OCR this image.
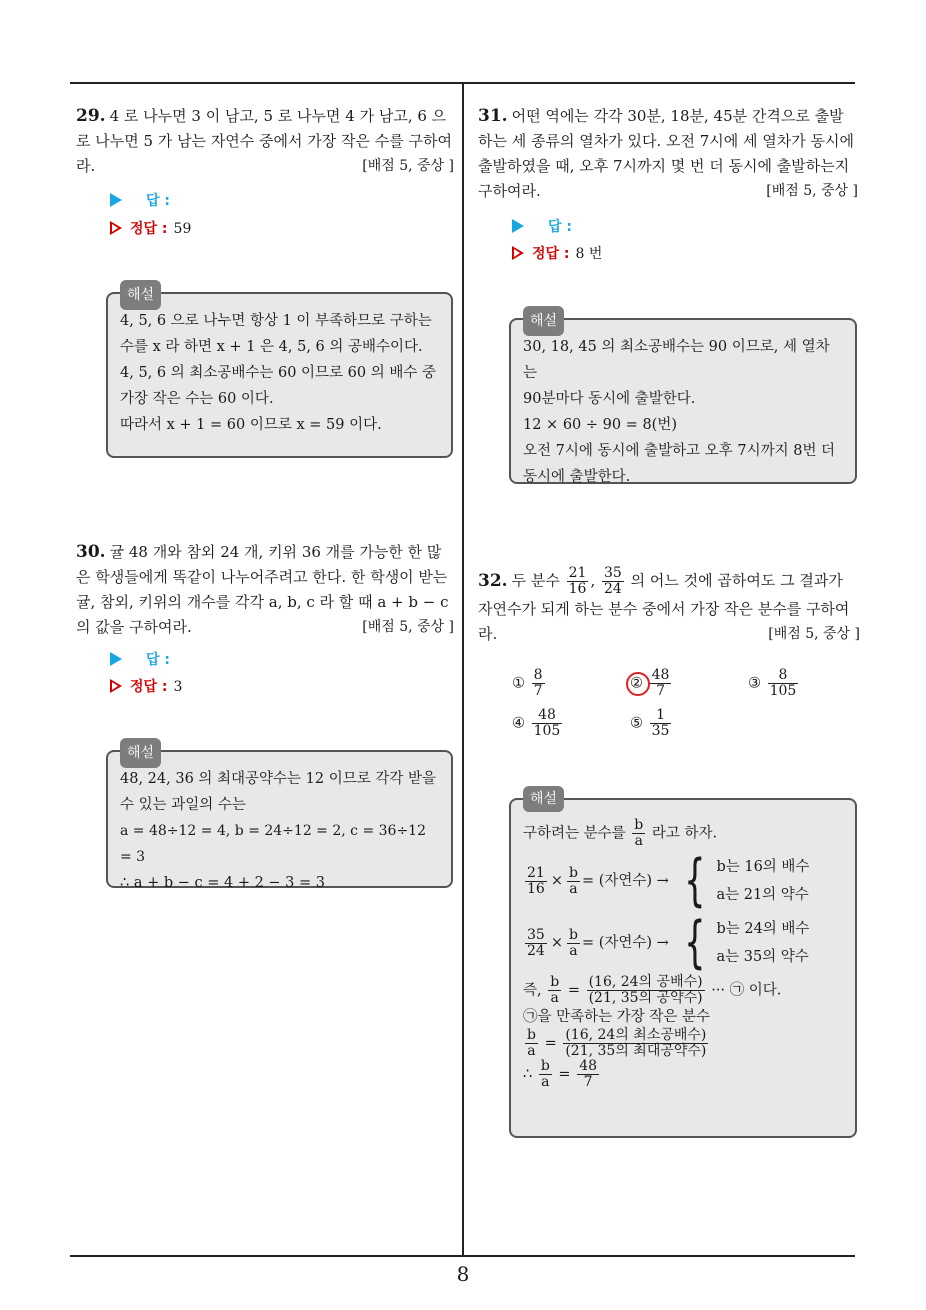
29. 4 로 나누면 3 이 남고, 5 로 나누면 4 가 남고, 6 으로 나누면 5 가 남는 자연수 중에서 가장 작은 수를 구하여라.	[배점 5, 중상 ]
답 :
정답 : 59
해설
4, 5, 6 으로 나누면 항상 1 이 부족하므로 구하는
수를 x 라 하면 x + 1 은 4, 5, 6 의 공배수이다.
4, 5, 6 의 최소공배수는 60 이므로 60 의 배수 중
가장 작은 수는 60 이다.
따라서 x + 1 = 60 이므로 x = 59 이다.
30. 귤 48 개와 참외 24 개, 키위 36 개를 가능한 한 많은 학생들에게 똑같이 나누어주려고 한다. 한 학생이 받는 귤, 참외, 키위의 개수를 각각 a, b, c 라 할 때 a + b − c 의 값을 구하여라.	[배점 5, 중상 ]
답 :
정답 : 3
해설
48, 24, 36 의 최대공약수는 12 이므로 각각 받을
수 있는 과일의 수는
a = 48÷12 = 4, b = 24÷12 = 2, c = 36÷12 = 3
∴ a + b − c = 4 + 2 − 3 = 3
31. 어떤 역에는 각각 30분, 18분, 45분 간격으로 출발하는 세 종류의 열차가 있다. 오전 7시에 세 열차가 동시에 출발하였을 때, 오후 7시까지 몇 번 더 동시에 출발하는지 구하여라.	[배점 5, 중상 ]
답 :
정답 : 8 번
해설
30, 18, 45 의 최소공배수는 90 이므로, 세 열차는
90분마다 동시에 출발한다.
12 × 60 ÷ 90 = 8(번)
오전 7시에 동시에 출발하고 오후 7시까지 8번 더
동시에 출발한다.
32. 두 분수 $\frac{21}{16}$ , $\frac{35}{24}$ 의 어느 것에 곱하여도 그 결과가 자연수가 되게 하는 분수 중에서 가장 작은 분수를 구하여라.	[배점 5, 중상 ]
① $\frac{8}{7}$	② $\frac{48}{7}$	③ $\frac{8}{105}$
④ $\frac{48}{105}$	⑤ $\frac{1}{35}$
해설
구하려는 분수를 $\frac{b}{a}$ 라고 하자.
$\frac{21}{16} \times \frac{b}{a}$ = (자연수) → { b는 16의 배수
a는 21의 약수
$\frac{35}{24} \times \frac{b}{a}$ = (자연수) → { b는 24의 배수
a는 35의 약수
즉, $\frac{b}{a} = \frac{\text{(16, 24의 공배수)}}{\text{(21, 35의 공약수)}}$ ··· ㉠ 이다.
㉠을 만족하는 가장 작은 분수
$\frac{b}{a} = \frac{\text{(16, 24의 최소공배수)}}{\text{(21, 35의 최대공약수)}}$
∴ $\frac{b}{a} = \frac{48}{7}$
8
